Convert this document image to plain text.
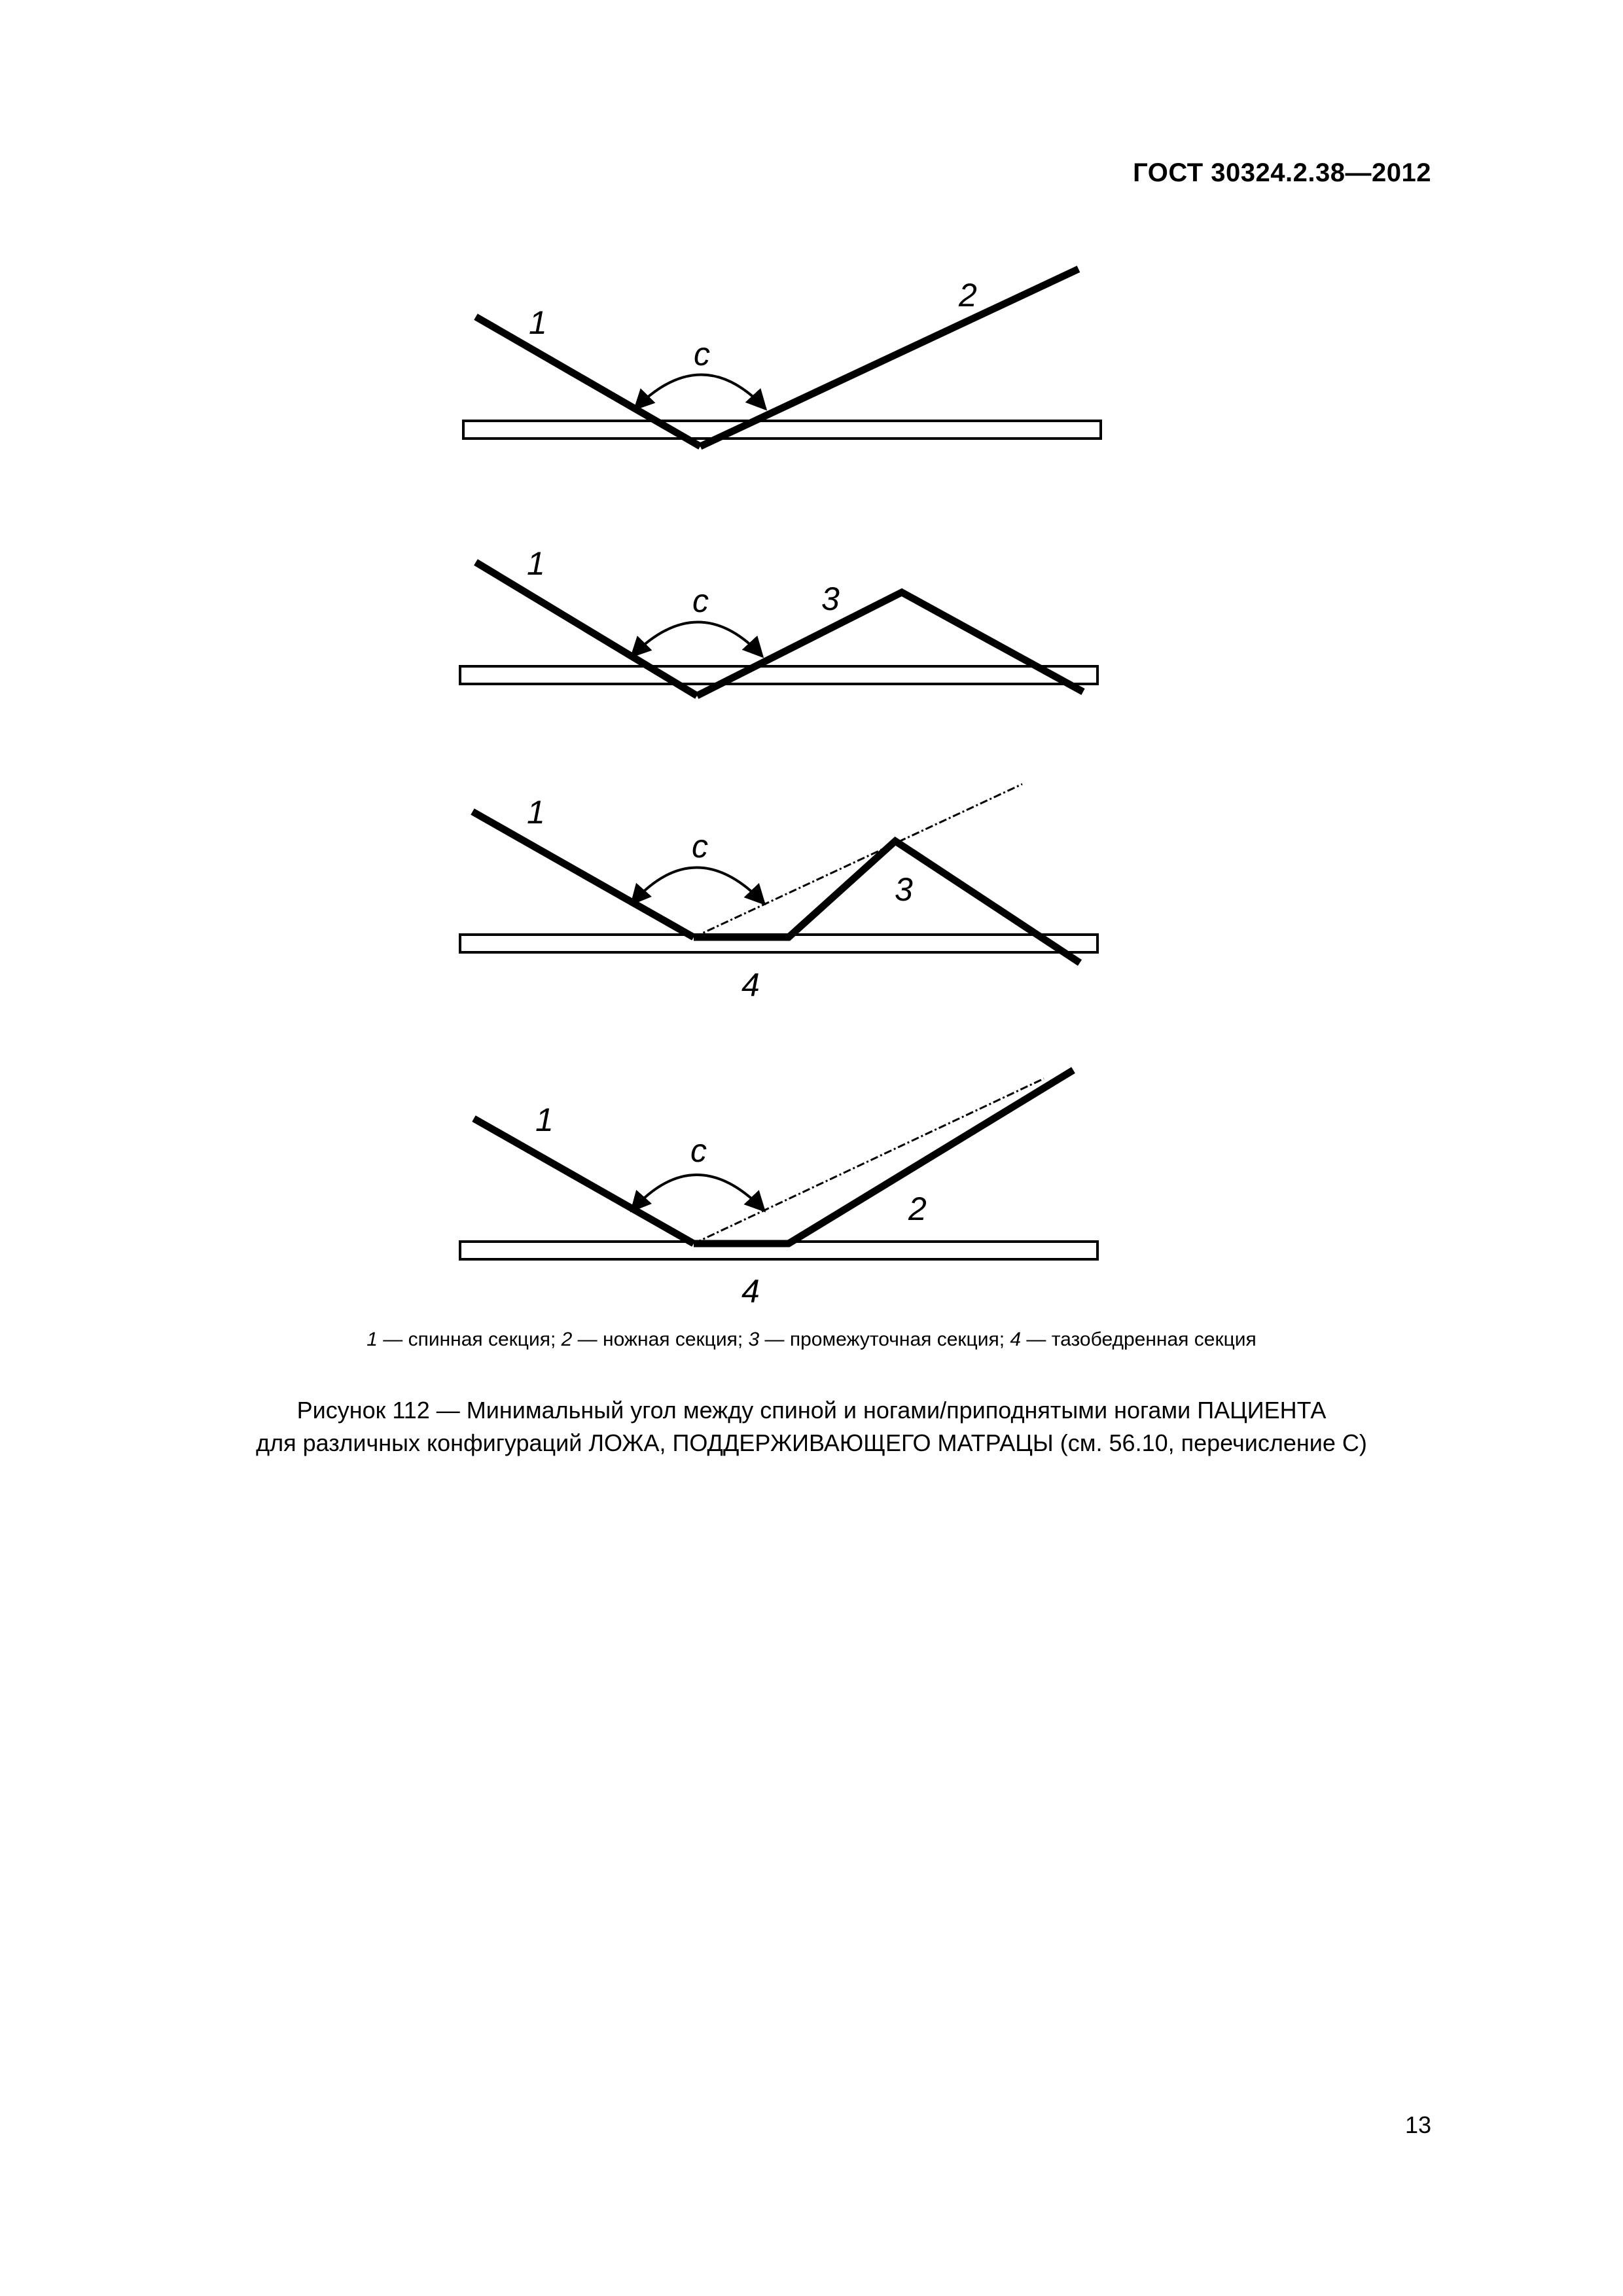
ГОСТ 30324.2.38—2012
c
1
2
c
1
3
c
1
3
4
c
1
2
4
1 — спинная секция; 2 — ножная секция; 3 — промежуточная секция; 4 — тазобедренная секция
Рисунок 112 — Минимальный угол между спиной и ногами/приподнятыми ногами ПАЦИЕНТА
для различных конфигураций ЛОЖА, ПОДДЕРЖИВАЮЩЕГО МАТРАЦЫ (см. 56.10, перечисление С)
13
